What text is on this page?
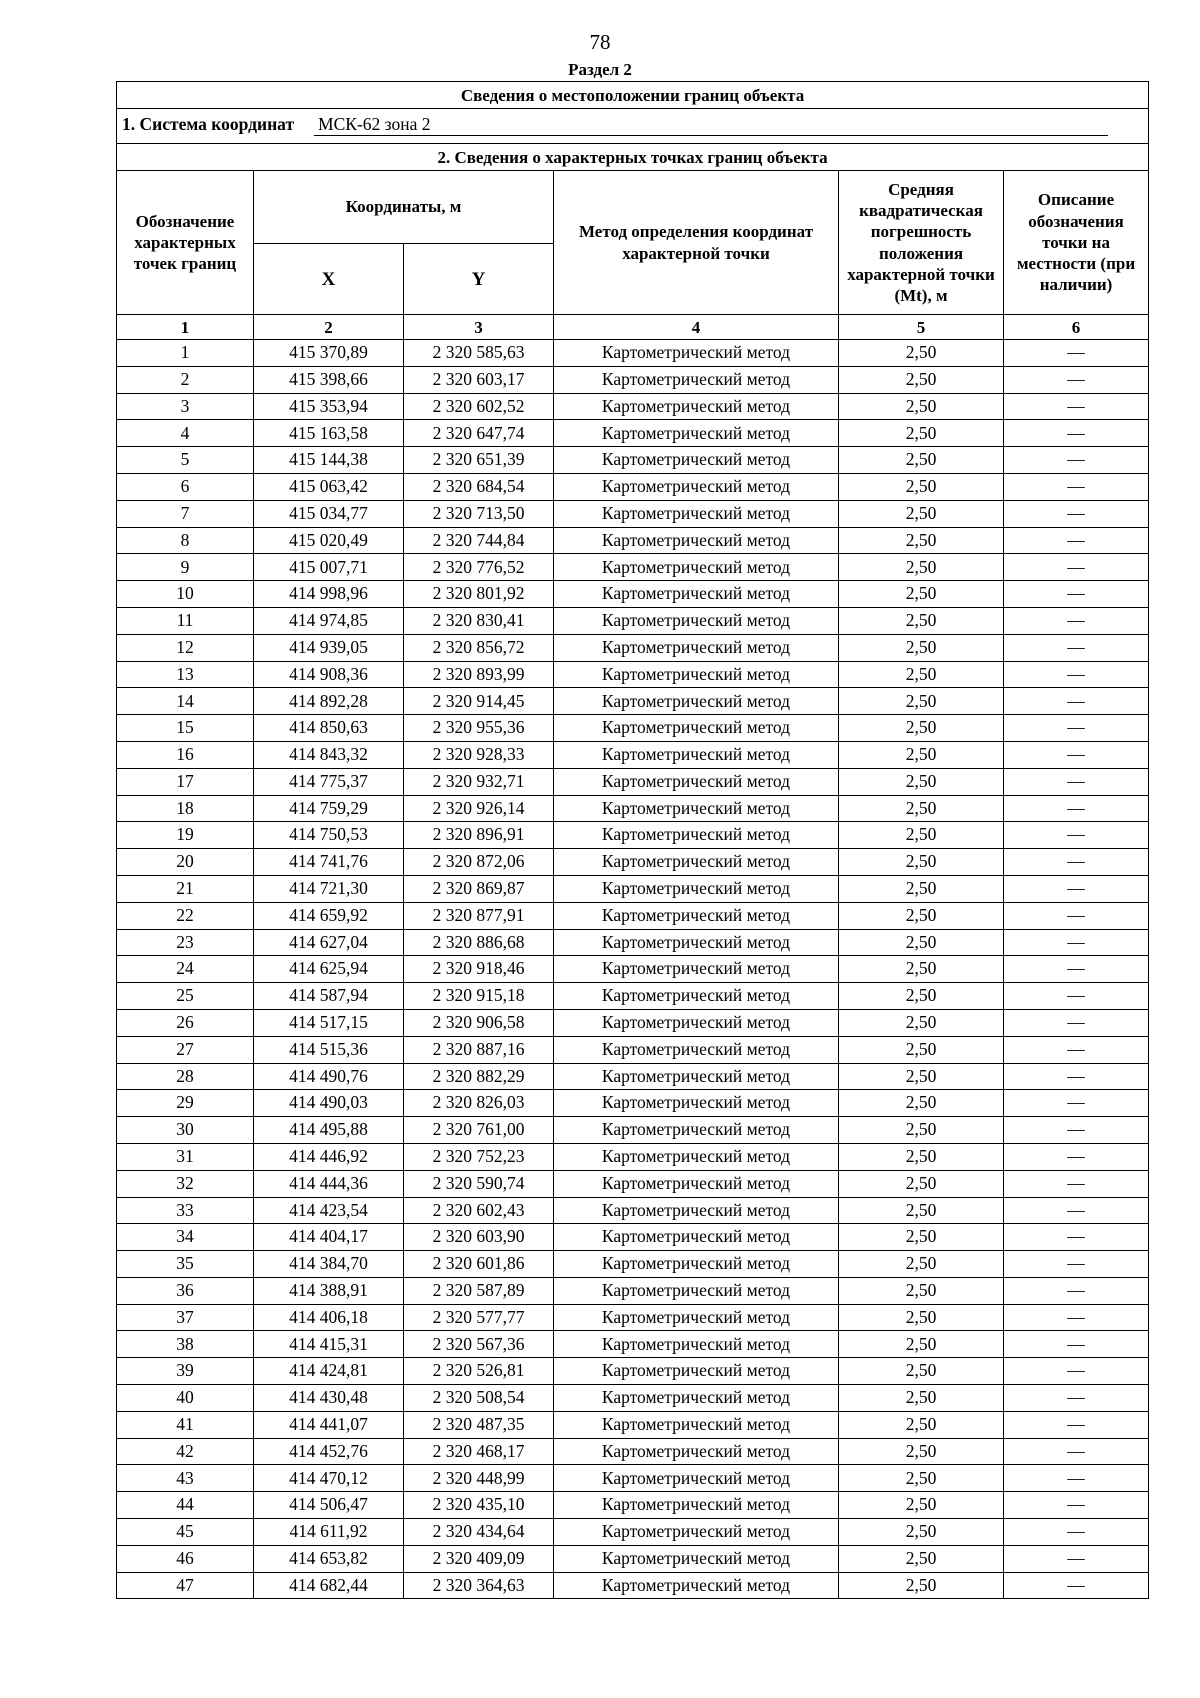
78
Раздел 2
Сведения о местоположении границ объекта					
1. Система координат МСК-62 зона 2					
2. Сведения о характерных точках границ объекта					
Обозначение характерных точек границ	Координаты, м		Метод определения координат характерной точки	Средняя квадратическая погрешность положения характерной точки (Mt), м	Описание обозначения точки на местности (при наличии)
	X	Y			
1	2	3	4	5	6
1	415 370,89	2 320 585,63	Картометрический метод	2,50	—
2	415 398,66	2 320 603,17	Картометрический метод	2,50	—
3	415 353,94	2 320 602,52	Картометрический метод	2,50	—
4	415 163,58	2 320 647,74	Картометрический метод	2,50	—
5	415 144,38	2 320 651,39	Картометрический метод	2,50	—
6	415 063,42	2 320 684,54	Картометрический метод	2,50	—
7	415 034,77	2 320 713,50	Картометрический метод	2,50	—
8	415 020,49	2 320 744,84	Картометрический метод	2,50	—
9	415 007,71	2 320 776,52	Картометрический метод	2,50	—
10	414 998,96	2 320 801,92	Картометрический метод	2,50	—
11	414 974,85	2 320 830,41	Картометрический метод	2,50	—
12	414 939,05	2 320 856,72	Картометрический метод	2,50	—
13	414 908,36	2 320 893,99	Картометрический метод	2,50	—
14	414 892,28	2 320 914,45	Картометрический метод	2,50	—
15	414 850,63	2 320 955,36	Картометрический метод	2,50	—
16	414 843,32	2 320 928,33	Картометрический метод	2,50	—
17	414 775,37	2 320 932,71	Картометрический метод	2,50	—
18	414 759,29	2 320 926,14	Картометрический метод	2,50	—
19	414 750,53	2 320 896,91	Картометрический метод	2,50	—
20	414 741,76	2 320 872,06	Картометрический метод	2,50	—
21	414 721,30	2 320 869,87	Картометрический метод	2,50	—
22	414 659,92	2 320 877,91	Картометрический метод	2,50	—
23	414 627,04	2 320 886,68	Картометрический метод	2,50	—
24	414 625,94	2 320 918,46	Картометрический метод	2,50	—
25	414 587,94	2 320 915,18	Картометрический метод	2,50	—
26	414 517,15	2 320 906,58	Картометрический метод	2,50	—
27	414 515,36	2 320 887,16	Картометрический метод	2,50	—
28	414 490,76	2 320 882,29	Картометрический метод	2,50	—
29	414 490,03	2 320 826,03	Картометрический метод	2,50	—
30	414 495,88	2 320 761,00	Картометрический метод	2,50	—
31	414 446,92	2 320 752,23	Картометрический метод	2,50	—
32	414 444,36	2 320 590,74	Картометрический метод	2,50	—
33	414 423,54	2 320 602,43	Картометрический метод	2,50	—
34	414 404,17	2 320 603,90	Картометрический метод	2,50	—
35	414 384,70	2 320 601,86	Картометрический метод	2,50	—
36	414 388,91	2 320 587,89	Картометрический метод	2,50	—
37	414 406,18	2 320 577,77	Картометрический метод	2,50	—
38	414 415,31	2 320 567,36	Картометрический метод	2,50	—
39	414 424,81	2 320 526,81	Картометрический метод	2,50	—
40	414 430,48	2 320 508,54	Картометрический метод	2,50	—
41	414 441,07	2 320 487,35	Картометрический метод	2,50	—
42	414 452,76	2 320 468,17	Картометрический метод	2,50	—
43	414 470,12	2 320 448,99	Картометрический метод	2,50	—
44	414 506,47	2 320 435,10	Картометрический метод	2,50	—
45	414 611,92	2 320 434,64	Картометрический метод	2,50	—
46	414 653,82	2 320 409,09	Картометрический метод	2,50	—
47	414 682,44	2 320 364,63	Картометрический метод	2,50	—
